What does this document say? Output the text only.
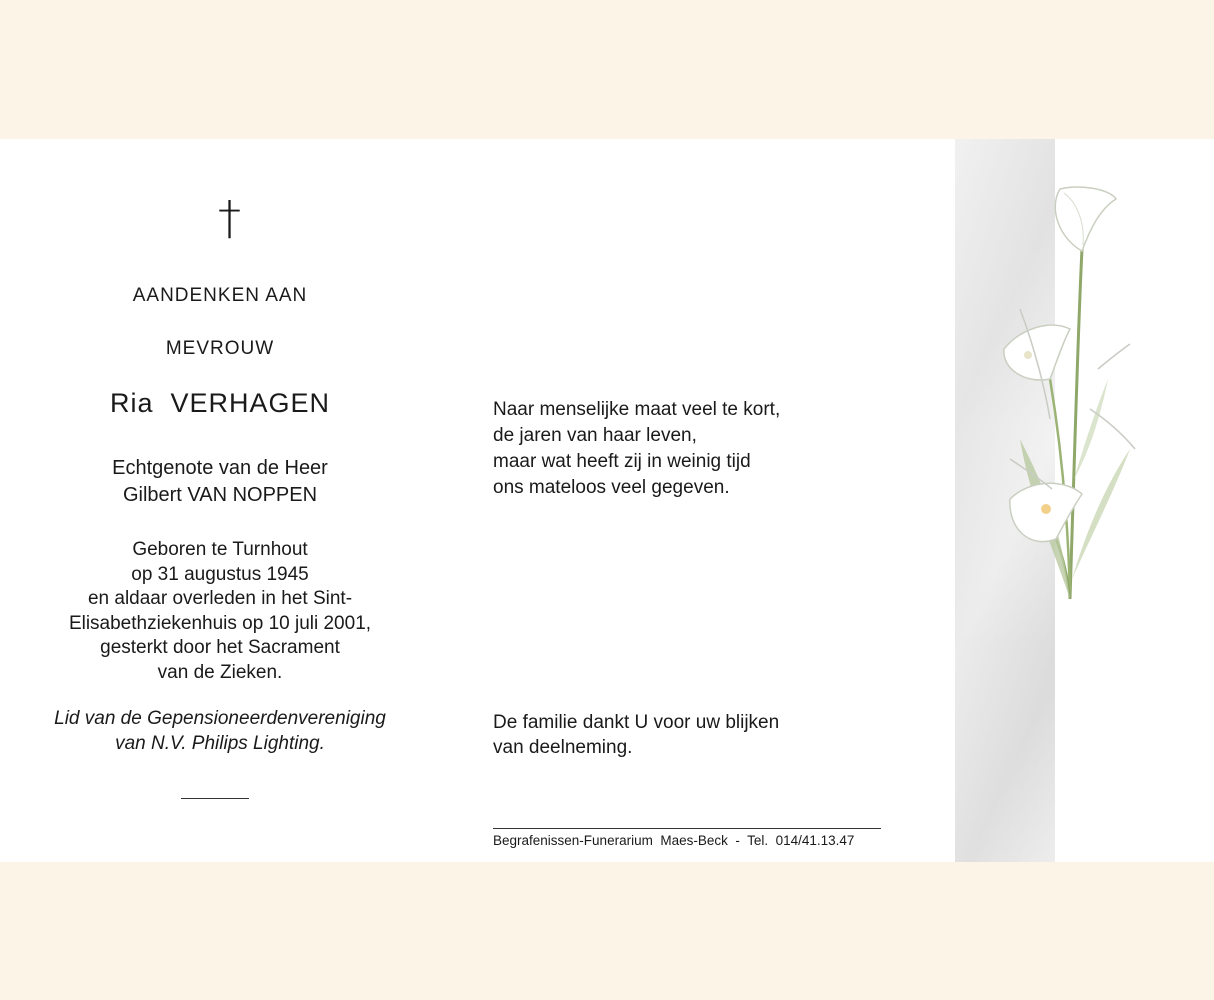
†
AANDENKEN AAN
MEVROUW
Ria  VERHAGEN
Echtgenote van de Heer
Gilbert VAN NOPPEN
Geboren te Turnhout
op 31 augustus 1945
en aldaar overleden in het Sint-
Elisabethziekenhuis op 10 juli 2001,
gesterkt door het Sacrament
van de Zieken.
Lid van de Gepensioneerdenvereniging
van N.V. Philips Lighting.
Naar menselijke maat veel te kort,
de jaren van haar leven,
maar wat heeft zij in weinig tijd
ons mateloos veel gegeven.
De familie dankt U voor uw blijken
van deelneming.
Begrafenissen-Funerarium  Maes-Beck  -  Tel.  014/41.13.47
